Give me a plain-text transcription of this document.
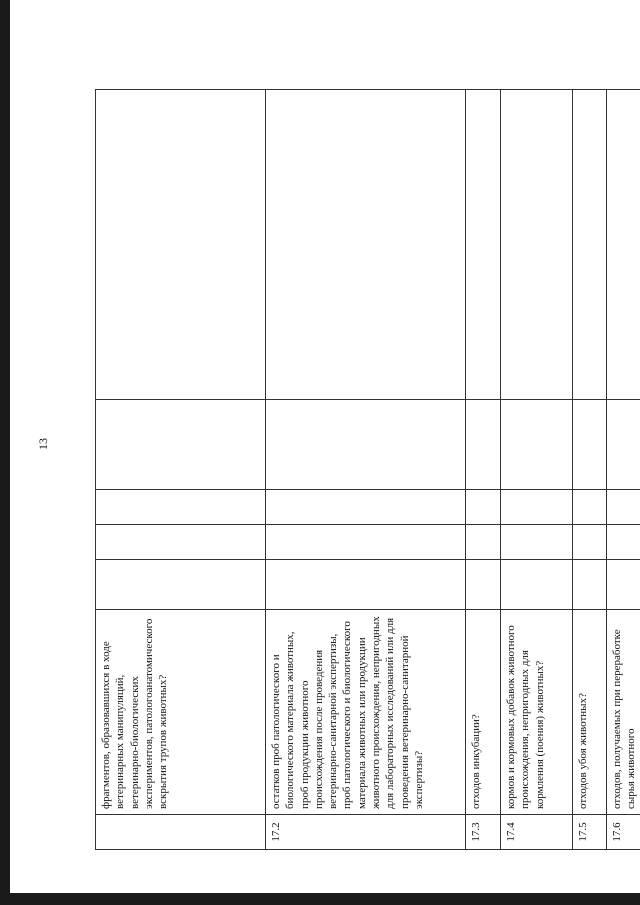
13
	фрагментов, образовавшихся в ходе ветеринарных манипуляций, ветеринарно-биологических экспериментов, патологоанатомического вскрытия трупов животных?					
17.2	остатков проб патологического и биологического материала животных, проб продукции животного происхождения после проведения ветеринарно-санитарной экспертизы, проб патологического и биологического материала животных или продукции животного происхождения, непригодных для лабораторных исследований или для проведения ветеринарно-санитарной экспертизы?					
17.3	отходов инкубации?					
17.4	кормов и кормовых добавок животного происхождения, непригодных для кормления (поения) животных?					
17.5	отходов убоя животных?					
17.6	отходов, получаемых при переработке сырья животного					
